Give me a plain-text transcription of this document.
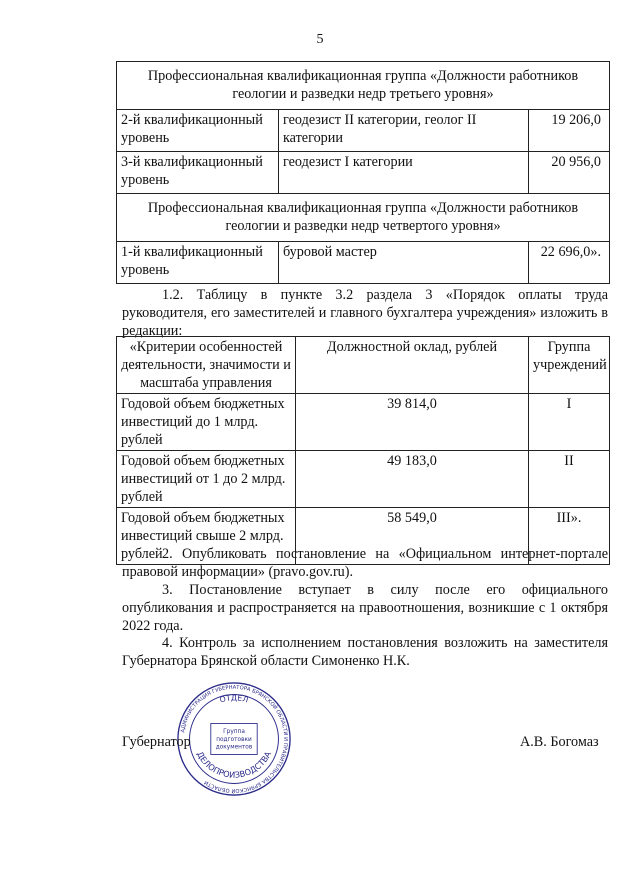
5
Профессиональная квалификационная группа «Должности работников геологии и разведки недр третьего уровня»		
2-й квалификационный уровень	геодезист II категории, геолог II категории	19 206,0
3-й квалификационный уровень	геодезист I категории	20 956,0
Профессиональная квалификационная группа «Должности работников геологии и разведки недр четвертого уровня»		
1-й квалификационный уровень	буровой мастер	22 696,0».
1.2. Таблицу в пункте 3.2 раздела 3 «Порядок оплаты труда руководителя, его заместителей и главного бухгалтера учреждения» изложить в редакции:
«Критерии особенностей деятельности, значимости и масштаба управления	Должностной оклад, рублей	Группа учреждений
Годовой объем бюджетных инвестиций до 1 млрд. рублей	39 814,0	I
Годовой объем бюджетных инвестиций от 1 до 2 млрд. рублей	49 183,0	II
Годовой объем бюджетных инвестиций свыше 2 млрд. рублей	58 549,0	III».
2. Опубликовать постановление на «Официальном интернет-портале правовой информации» (pravo.gov.ru).
3. Постановление вступает в силу после его официального опубликования и распространяется на правоотношения, возникшие с 1 октября 2022 года.
4. Контроль за исполнением постановления возложить на заместителя Губернатора Брянской области Симоненко Н.К.
АДМИНИСТРАЦИЯ ГУБЕРНАТОРА БРЯНСКОЙ ОБЛАСТИ И ПРАВИТЕЛЬСТВА БРЯНСКОЙ ОБЛАСТИ
ОТДЕЛ
ДЕЛОПРОИЗВОДСТВА
Группа
подготовки
документов
Губернатор	А.В. Богомаз
